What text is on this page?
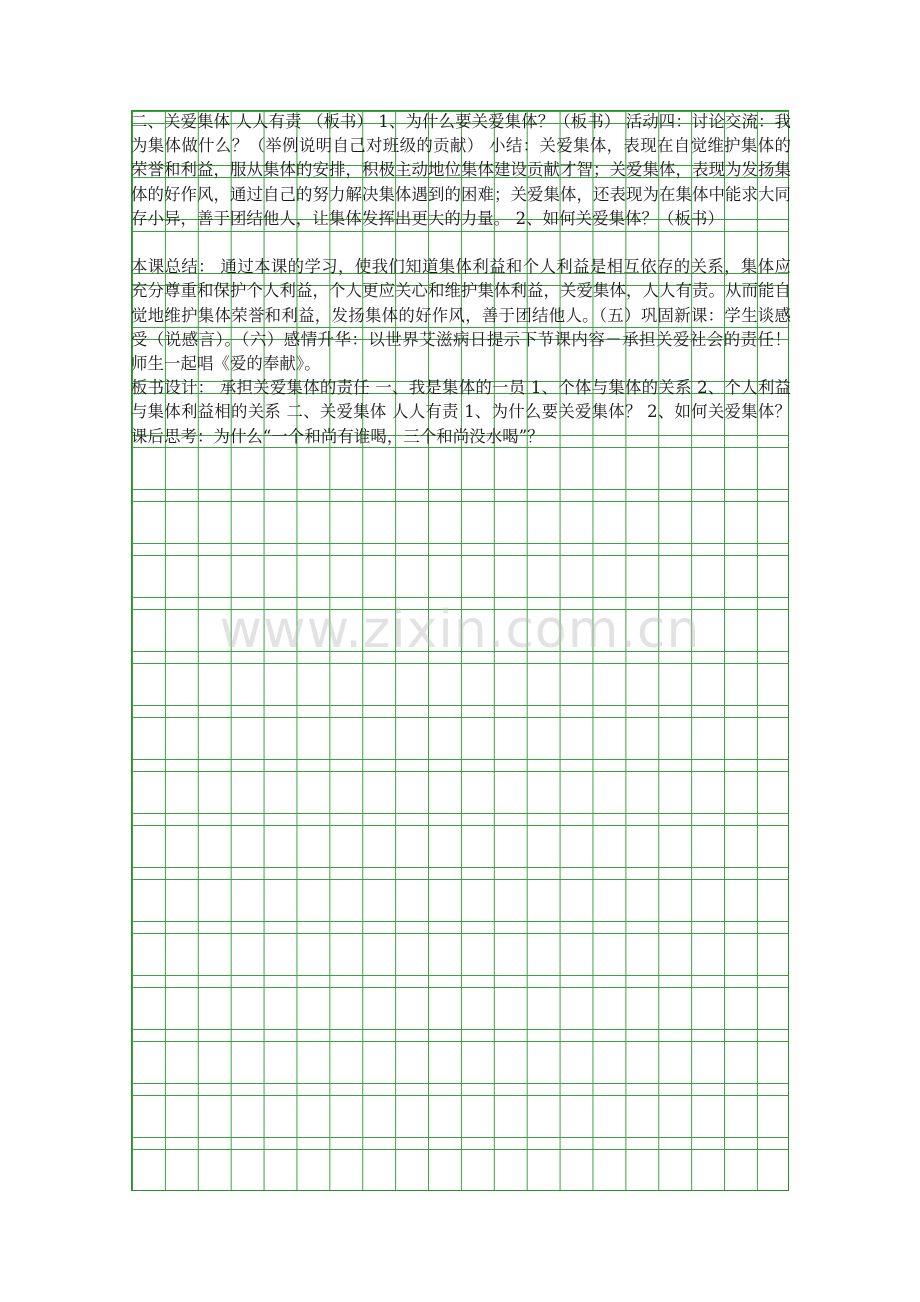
二、关爱集体 人人有责 （板书） 1、为什么要关爱集体？（板书） 活动四：讨论交流：我为集体做什么？（举例说明自己对班级的贡献） 小结：关爱集体，表现在自觉维护集体的荣誉和利益，服从集体的安排，积极主动地位集体建设贡献才智；关爱集体，表现为发扬集体的好作风，通过自己的努力解决集体遇到的困难；关爱集体，还表现为在集体中能求大同存小异，善于团结他人，让集体发挥出更大的力量。 2、如何关爱集体？（板书）

本课总结： 通过本课的学习，使我们知道集体利益和个人利益是相互依存的关系，集体应充分尊重和保护个人利益，个人更应关心和维护集体利益，关爱集体，人人有责。从而能自觉地维护集体荣誉和利益，发扬集体的好作风，善于团结他人。（五）巩固新课：学生谈感受（说感言）。（六）感情升华：以世界艾滋病日提示下节课内容－承担关爱社会的责任！ 师生一起唱《爱的奉献》。

板书设计： 承担关爱集体的责任 一、我是集体的一员 1、个体与集体的关系 2、个人利益与集体利益相的关系 二、关爱集体 人人有责 1、为什么要关爱集体？ 2、如何关爱集体？ 课后思考：为什么“一个和尚有谁喝，三个和尚没水喝”？

www.zixin.com.cn
